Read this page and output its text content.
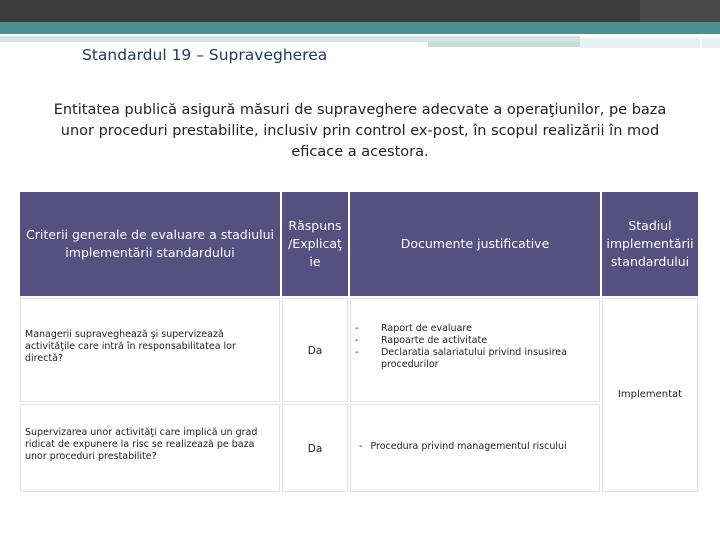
Standardul 19 – Supravegherea
Entitatea publică asigură măsuri de supraveghere adecvate a operaţiunilor, pe baza
unor proceduri prestabilite, inclusiv prin control ex-post, în scopul realizării în mod
eficace a acestora.
Criterii generale de evaluare a stadiului
implementării standardului
Răspuns
/Explicaţ
ie
Documente justificative
Stadiul
implementării
standardului
Managerii supraveghează şi supervizează
activităţile care intră în responsabilitatea lor
directă?
Da
- Raport de evaluare
- Rapoarte de activitate
- Declaratia salariatului privind insusirea procedurilor
Supervizarea unor activităţi care implică un grad
ridicat de expunere la risc se realizează pe baza
unor proceduri prestabilite?
Da	- Procedura privind managementul riscului
Implementat
